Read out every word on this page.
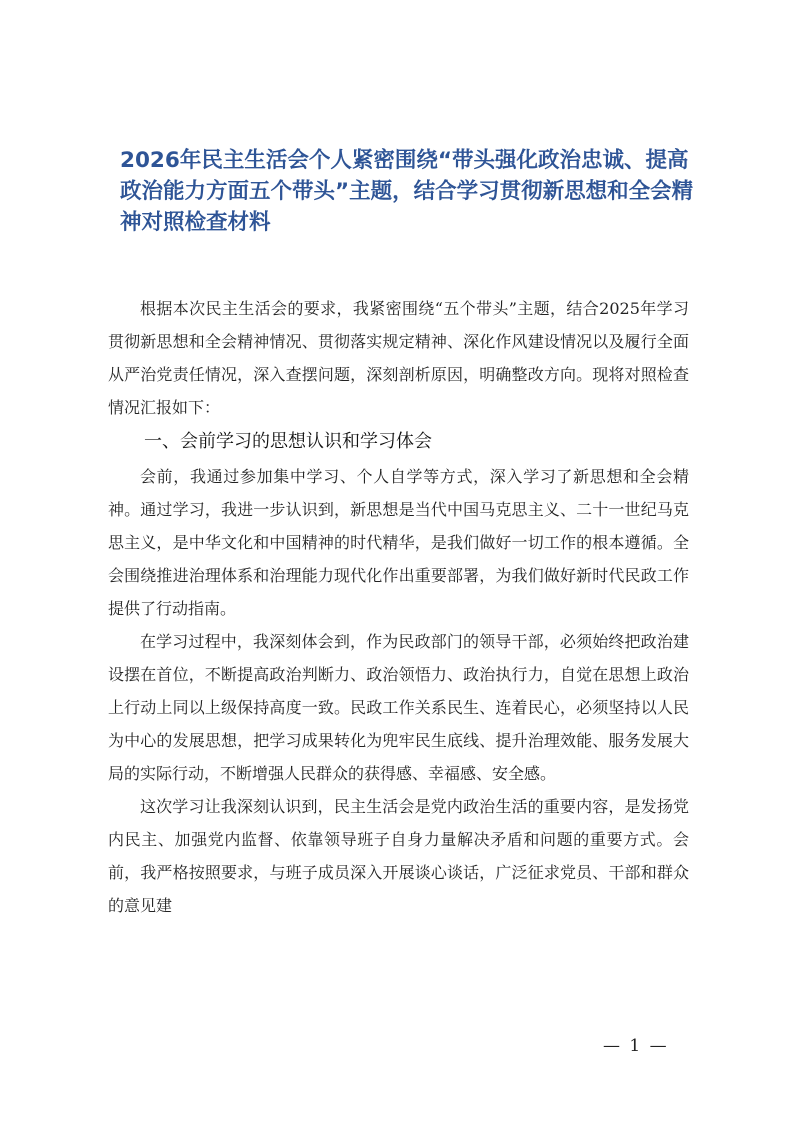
2026年民主生活会个人紧密围绕“带头强化政治忠诚、提高政治能力方面五个带头”主题，结合学习贯彻新思想和全会精神对照检查材料

根据本次民主生活会的要求，我紧密围绕“五个带头”主题，结合2025年学习贯彻新思想和全会精神情况、贯彻落实规定精神、深化作风建设情况以及履行全面从严治党责任情况，深入查摆问题，深刻剖析原因，明确整改方向。现将对照检查情况汇报如下：

一、会前学习的思想认识和学习体会

会前，我通过参加集中学习、个人自学等方式，深入学习了新思想和全会精神。通过学习，我进一步认识到，新思想是当代中国马克思主义、二十一世纪马克思主义，是中华文化和中国精神的时代精华，是我们做好一切工作的根本遵循。全会围绕推进治理体系和治理能力现代化作出重要部署，为我们做好新时代民政工作提供了行动指南。

在学习过程中，我深刻体会到，作为民政部门的领导干部，必须始终把政治建设摆在首位，不断提高政治判断力、政治领悟力、政治执行力，自觉在思想上政治上行动上同以上级保持高度一致。民政工作关系民生、连着民心，必须坚持以人民为中心的发展思想，把学习成果转化为兜牢民生底线、提升治理效能、服务发展大局的实际行动，不断增强人民群众的获得感、幸福感、安全感。

这次学习让我深刻认识到，民主生活会是党内政治生活的重要内容，是发扬党内民主、加强党内监督、依靠领导班子自身力量解决矛盾和问题的重要方式。会前，我严格按照要求，与班子成员深入开展谈心谈话，广泛征求党员、干部和群众的意见建

— 1 —
